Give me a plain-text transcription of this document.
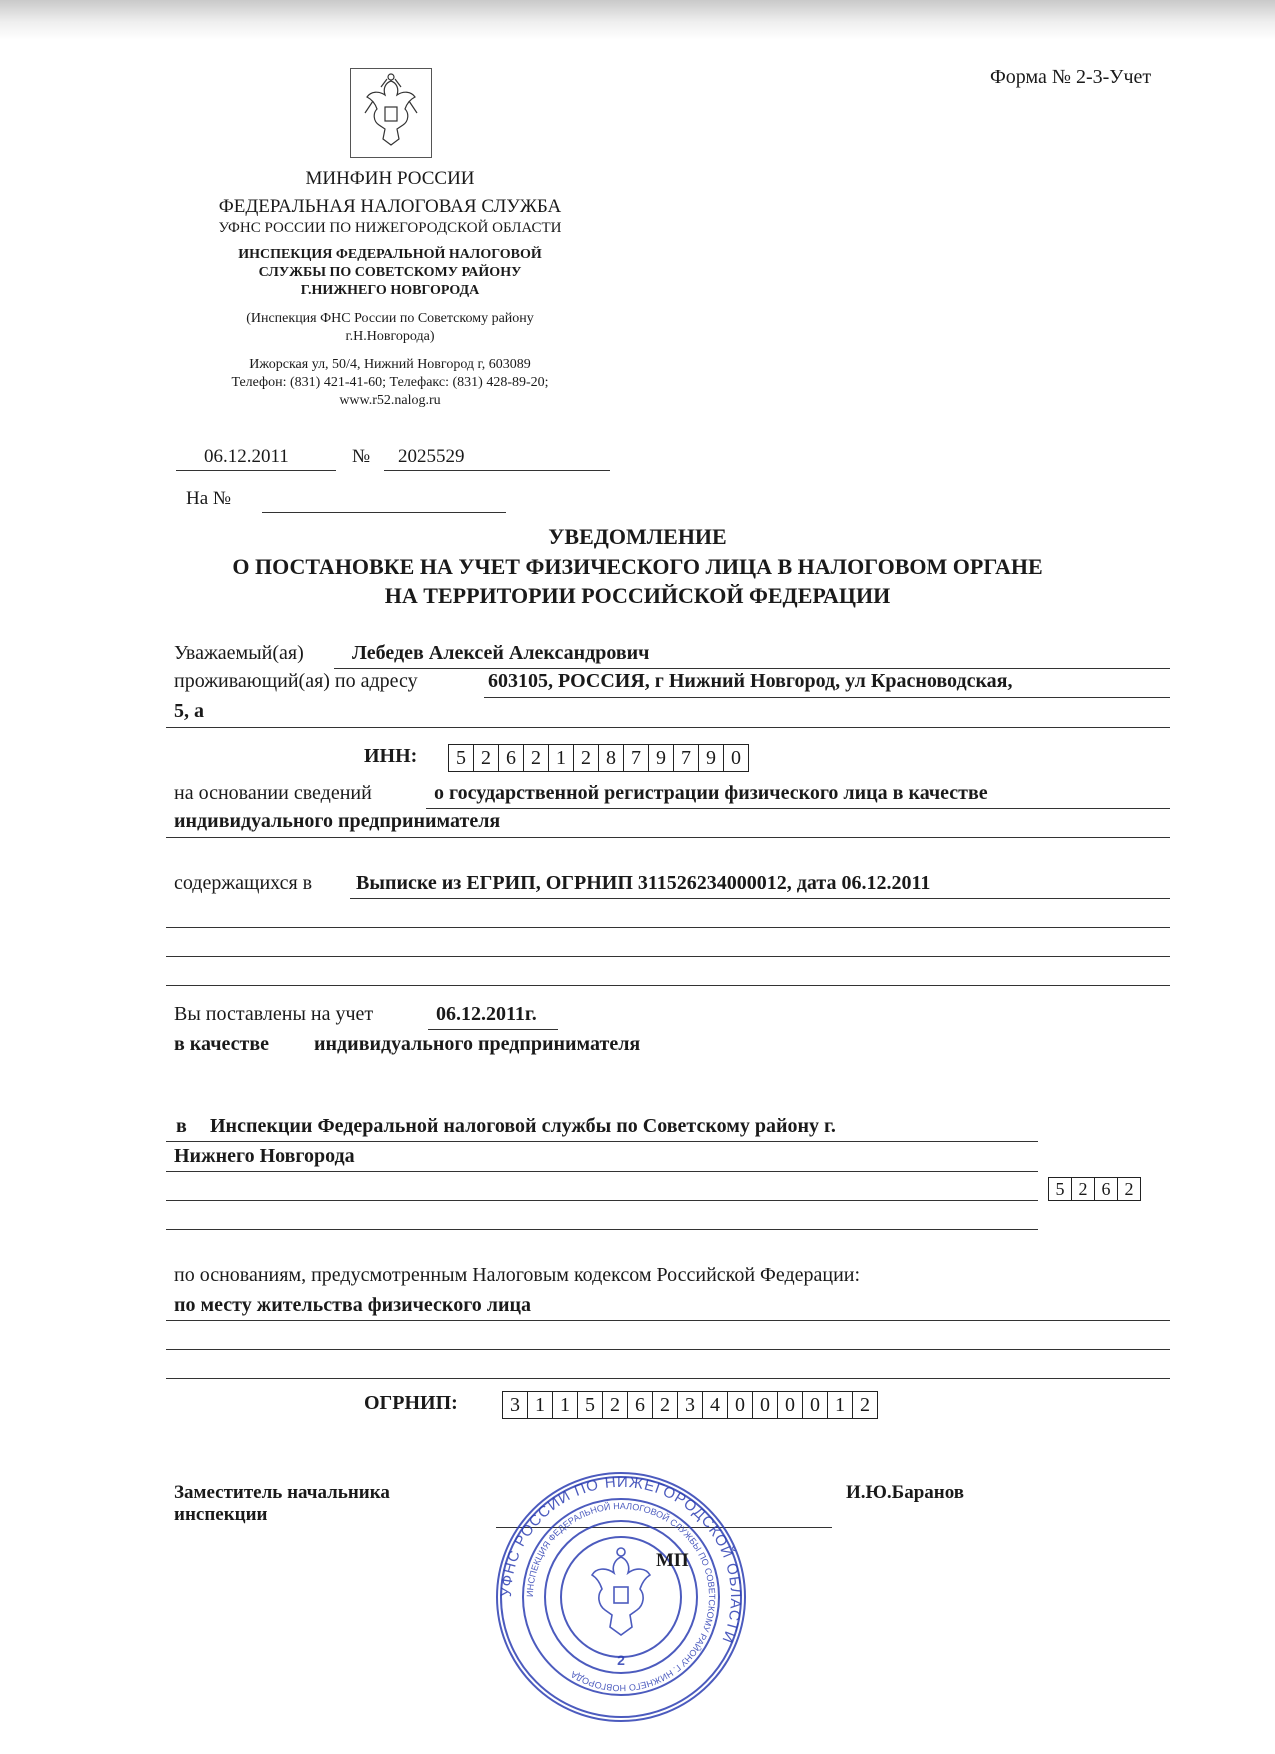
Форма № 2-3-Учет
МИНФИН РОССИИ
ФЕДЕРАЛЬНАЯ НАЛОГОВАЯ СЛУЖБА
УФНС РОССИИ ПО НИЖЕГОРОДСКОЙ ОБЛАСТИ
ИНСПЕКЦИЯ ФЕДЕРАЛЬНОЙ НАЛОГОВОЙ
СЛУЖБЫ ПО СОВЕТСКОМУ РАЙОНУ
Г.НИЖНЕГО НОВГОРОДА
(Инспекция ФНС России по Советскому району
г.Н.Новгорода)
Ижорская ул, 50/4, Нижний Новгород г, 603089
Телефон: (831) 421-41-60; Телефакс: (831) 428-89-20;
www.r52.nalog.ru
06.12.2011	№ 2025529
На №
УВЕДОМЛЕНИЕ
О ПОСТАНОВКЕ НА УЧЕТ ФИЗИЧЕСКОГО ЛИЦА В НАЛОГОВОМ ОРГАНЕ
НА ТЕРРИТОРИИ РОССИЙСКОЙ ФЕДЕРАЦИИ
Уважаемый(ая) Лебедев Алексей Александрович
проживающий(ая) по адресу	603105, РОССИЯ, г Нижний Новгород, ул Красноводская,
5, а
ИНН:	5 2 6 2 1 2 8 7 9 7 9 0
на основании сведений	о государственной регистрации физического лица в качестве
индивидуального предпринимателя
содержащихся в Выписке из ЕГРИП, ОГРНИП 311526234000012, дата 06.12.2011
Вы поставлены на учет	06.12.2011г.
в качестве индивидуального предпринимателя
в Инспекции Федеральной налоговой службы по Советскому району г.
Нижнего Новгорода
5 2 6 2
по основаниям, предусмотренным Налоговым кодексом Российской Федерации:
по месту жительства физического лица
ОГРНИП:	3 1 1 5 2 6 2 3 4 0 0 0 0 1 2
Заместитель начальника
инспекции
И.Ю.Баранов
УФНС РОССИИ ПО НИЖЕГОРОДСКОЙ ОБЛАСТИ
ИНСПЕКЦИЯ ФЕДЕРАЛЬНОЙ НАЛОГОВОЙ СЛУЖБЫ ПО СОВЕТСКОМУ РАЙОНУ Г. НИЖНЕГО НОВГОРОДА
2
МП
